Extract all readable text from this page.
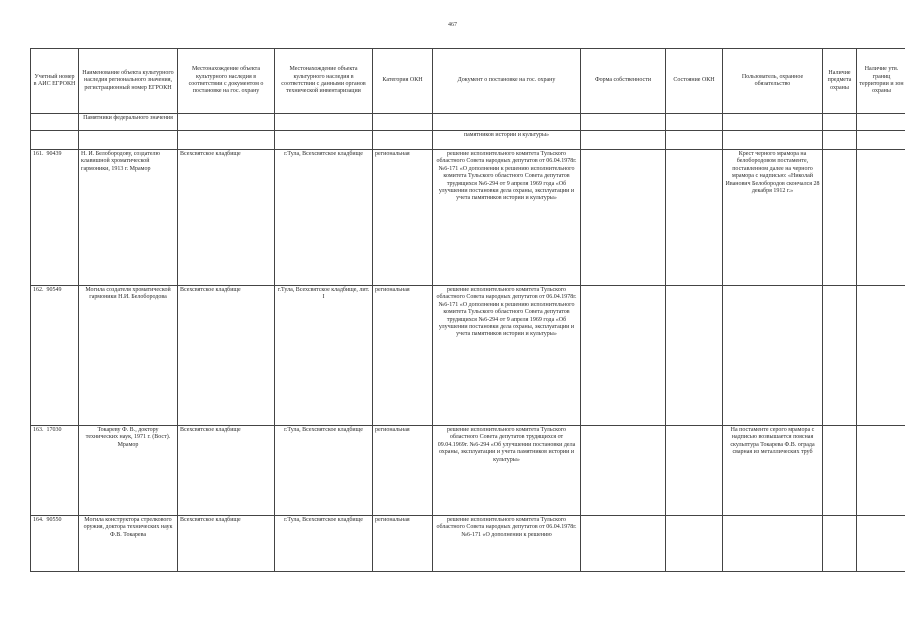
467
Учетный номер в АИС ЕГРОКН	Наименование объекта культурного наследия регионального значения, регистрационный номер ЕГРОКН	Местонахождение объекта культурного наследия в соответствии с документом о постановке на гос. охрану	Местонахождение объекта культурного наследия в соответствии с данными органов технической инвентаризации	Категория ОКН	Документ о постановке на гос. охрану	Форма собственности	Состояние ОКН	Пользователь, охранное обязательство	Наличие предмета охраны	Наличие утв. границ территории и зон охраны
	Памятники федерального значения									
					памятников истории и культуры»					
161. 90439	Н. И. Белобородову, создателю клавишной хроматической гармоники, 1913 г. Мрамор	Всехсвятское кладбище	г.Тула, Всехсвятское кладбище	региональная	решение исполнительного комитета Тульского областного Совета народных депутатов от 06.04.1978г. №6-171 «О дополнении к решению исполнительного комитета Тульского областного Совета депутатов трудящихся №6-294 от 9 апреля 1969 года «Об улучшении постановки дела охраны, эксплуатации и учета памятников истории и культуры»			Крест черного мрамора на белобородовом постаменте, поставленном далее на черного мрамора с надписью: «Николай Иванович Белобородов скончался 28 декабря 1912 г.»		
162. 90549	Могила создателя хроматической гармоники Н.И. Белобородова	Всехсвятское кладбище	г.Тула, Всехсвятское кладбище, лит. I	региональная	решение исполнительного комитета Тульского областного Совета народных депутатов от 06.04.1978г. №6-171 «О дополнении к решению исполнительного комитета Тульского областного Совета депутатов трудящихся №6-294 от 9 апреля 1969 года «Об улучшении постановки дела охраны, эксплуатации и учета памятников истории и культуры»					
163. 17030	Токареву Ф. В., доктору технических наук, 1971 г. (Вост). Мрамор	Всехсвятское кладбище	г.Тула, Всехсвятское кладбище	региональная	решение исполнительного комитета Тульского областного Совета депутатов трудящихся от 09.04.1969г. №6-294 «Об улучшении постановки дела охраны, эксплуатации и учета памятников истории и культуры»			На постаменте серого мрамора с надписью возвышается поясная скульптура Токарева Ф.В. ограда сварная из металлических труб		
164. 90550	Могила конструктора стрелкового оружия, доктора технических наук Ф.В. Токарева	Всехсвятское кладбище	г.Тула, Всехсвятское кладбище	региональная	решение исполнительного комитета Тульского областного Совета народных депутатов от 06.04.1978г. №6-171 «О дополнении к решению					
